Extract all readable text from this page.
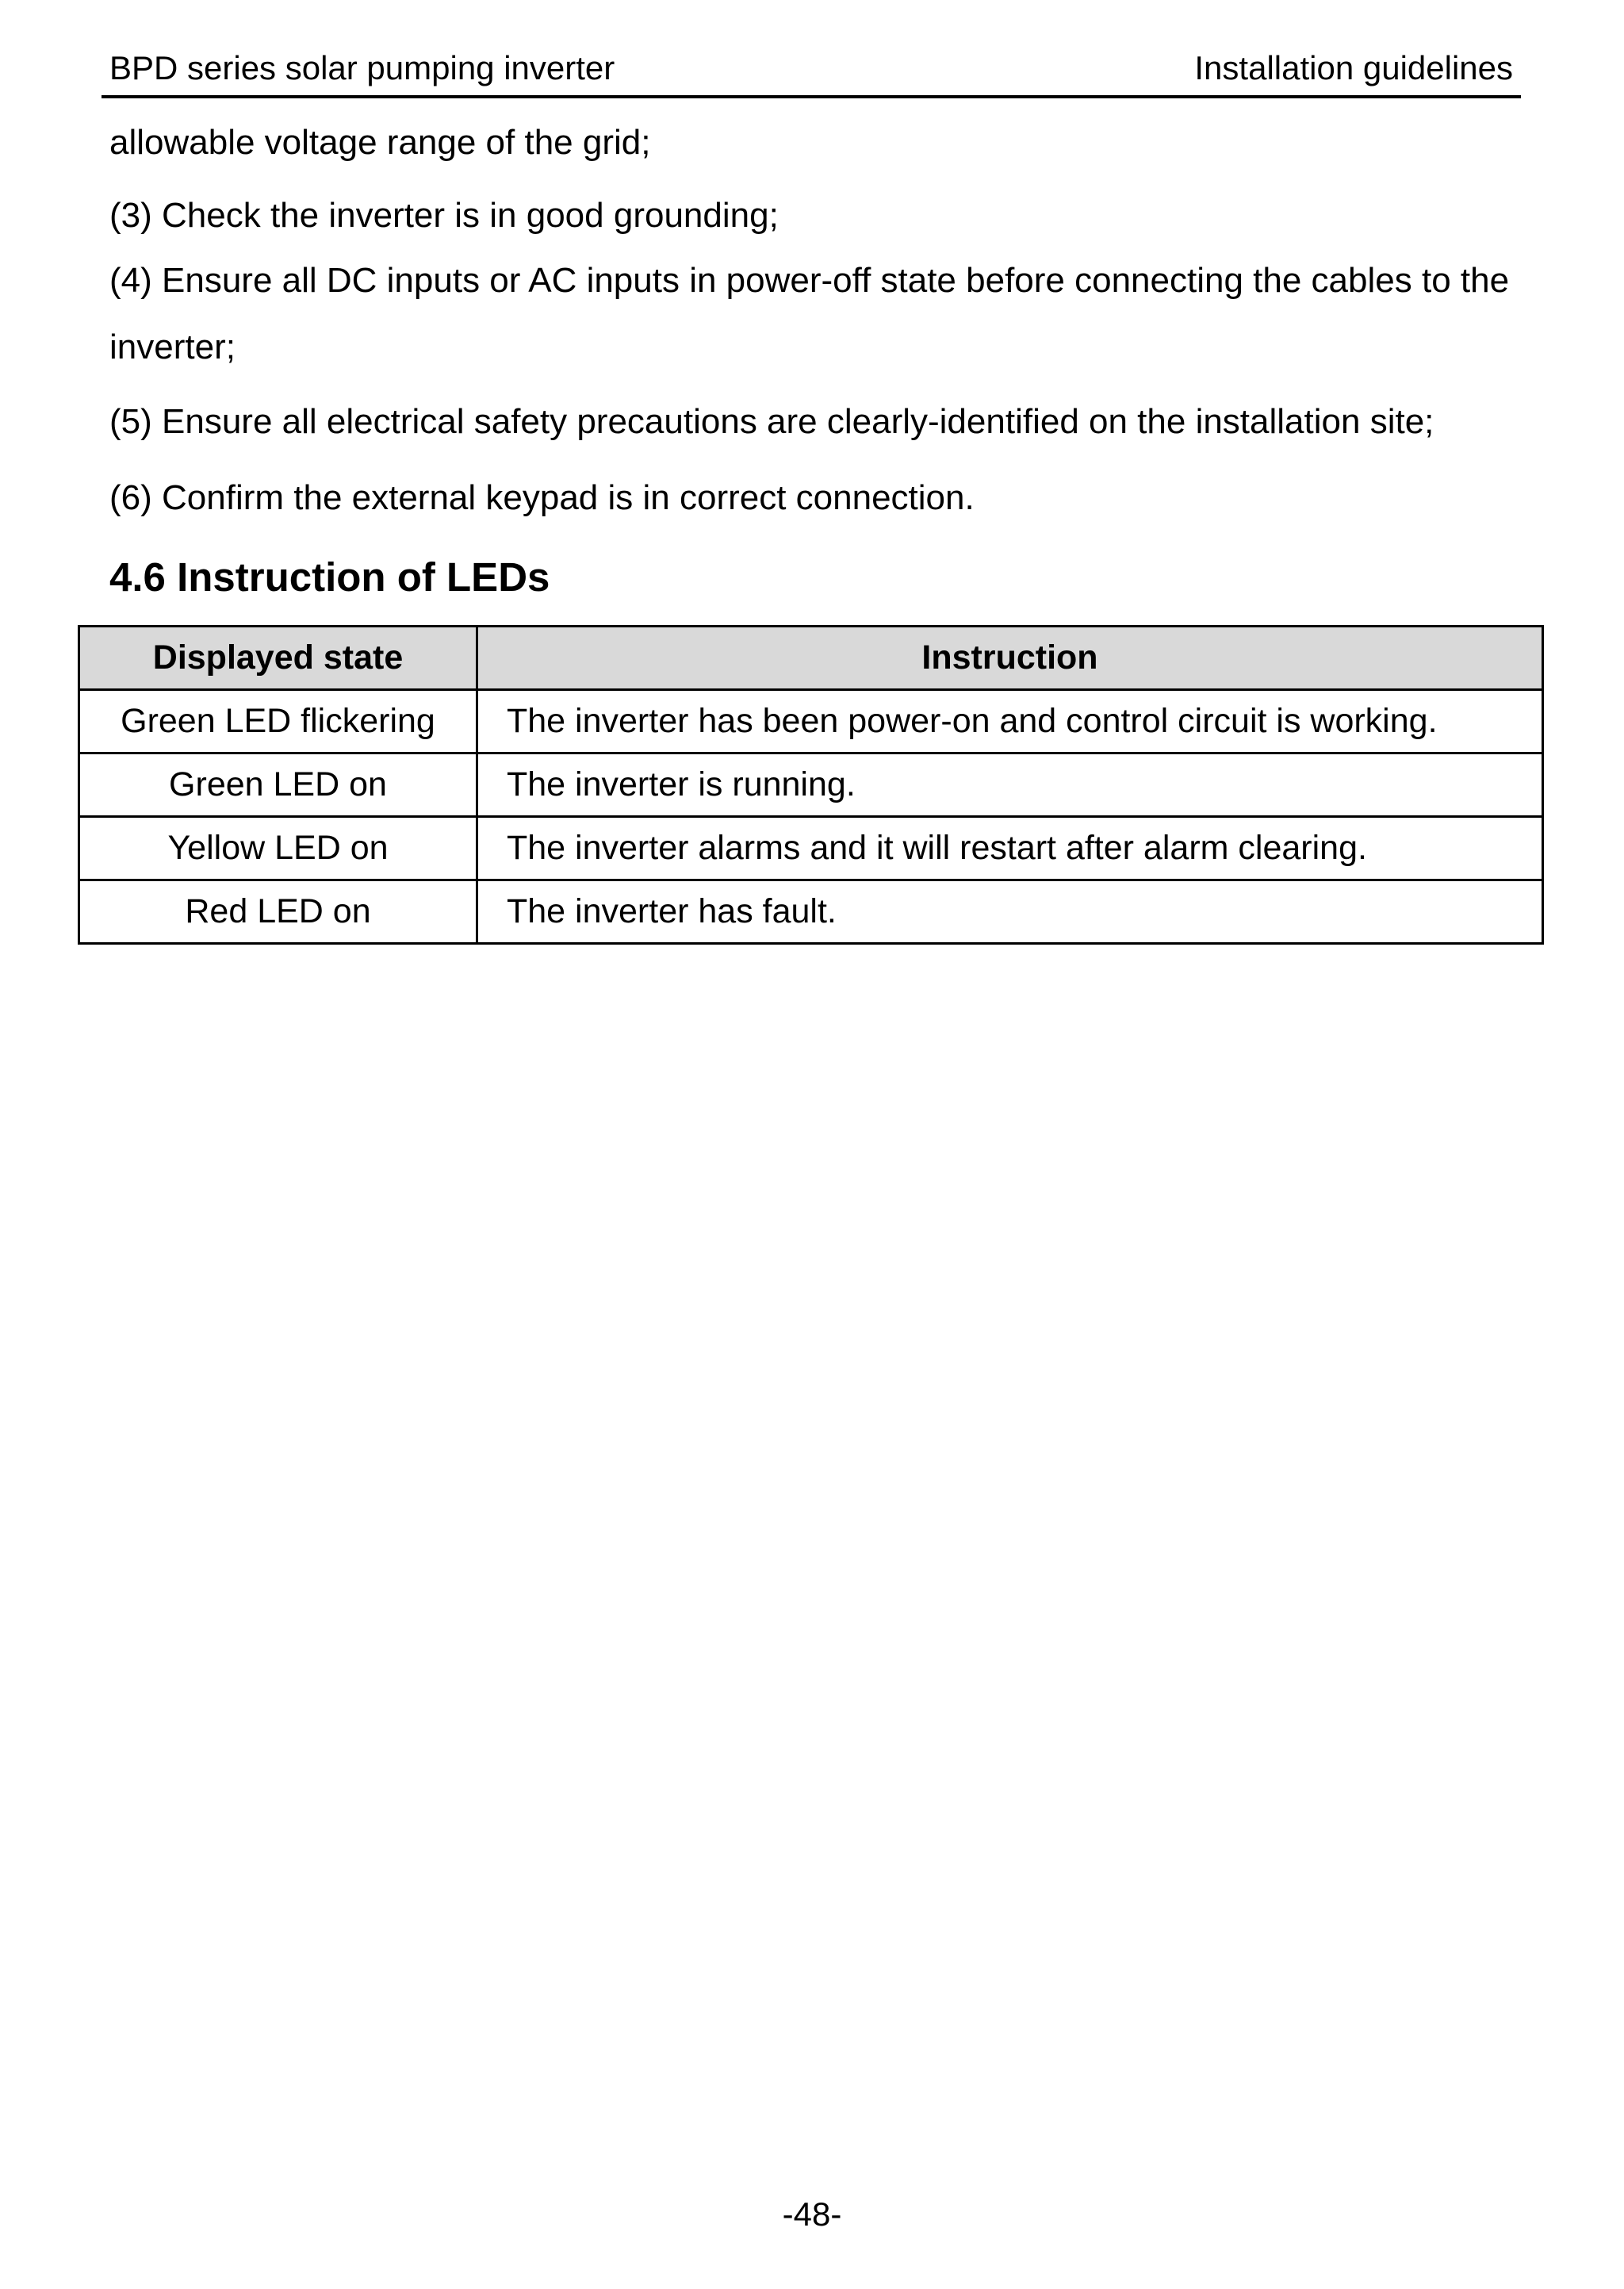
BPD series solar pumping inverter	Installation guidelines
allowable voltage range of the grid;
(3) Check the inverter is in good grounding;
(4) Ensure all DC inputs or AC inputs in power-off state before connecting the cables to the
inverter;
(5) Ensure all electrical safety precautions are clearly-identified on the installation site;
(6) Confirm the external keypad is in correct connection.
4.6 Instruction of LEDs
Displayed state	Instruction
Green LED flickering	The inverter has been power-on and control circuit is working.
Green LED on	The inverter is running.
Yellow LED on	The inverter alarms and it will restart after alarm clearing.
Red LED on	The inverter has fault.
-48-
